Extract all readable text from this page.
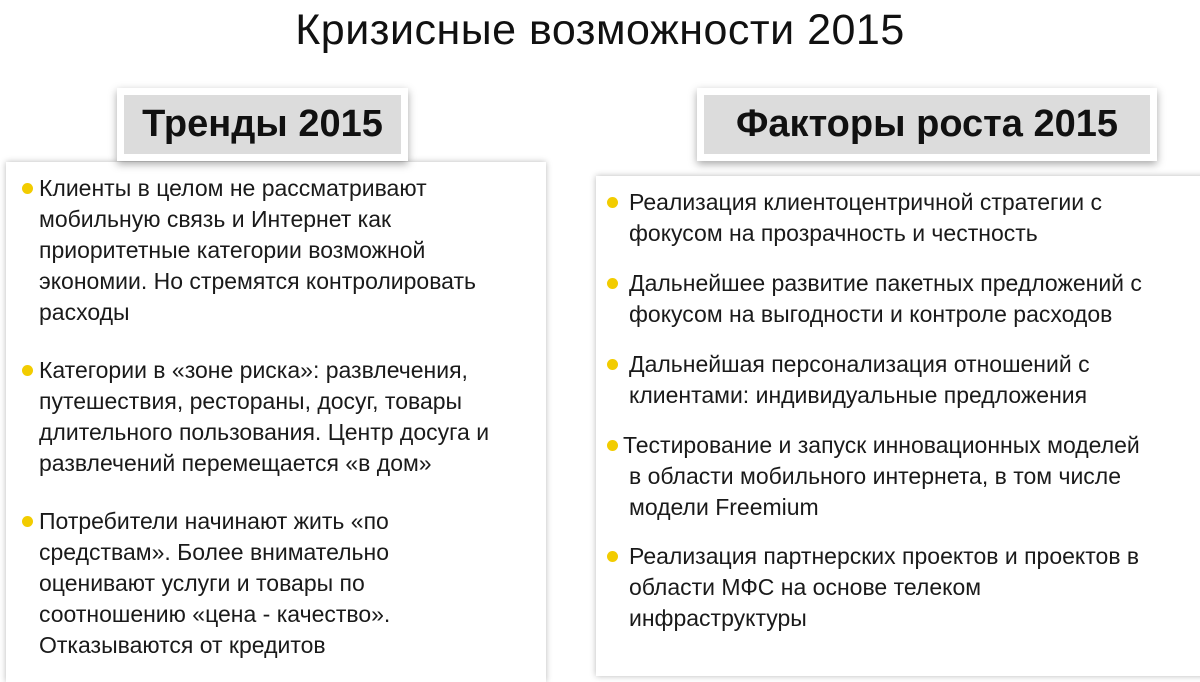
Кризисные возможности 2015
Тренды 2015	Факторы роста 2015
Клиенты в целом не рассматривают
мобильную связь и Интернет как
приоритетные категории возможной
экономии. Но стремятся контролировать
расходы
Категории в «зоне риска»: развлечения,
путешествия, рестораны, досуг, товары
длительного пользования. Центр досуга и
развлечений перемещается «в дом»
Потребители начинают жить «по
средствам». Более внимательно
оценивают услуги и товары по
соотношению «цена - качество».
Отказываются от кредитов
Реализация клиентоцентричной стратегии с
фокусом на прозрачность и честность
Дальнейшее развитие пакетных предложений с
фокусом на выгодности и контроле расходов
Дальнейшая персонализация отношений с
клиентами: индивидуальные предложения
Тестирование и запуск инновационных моделей
в области мобильного интернета, в том числе
модели Freemium
Реализация партнерских проектов и проектов в
области МФС на основе телеком
инфраструктуры
